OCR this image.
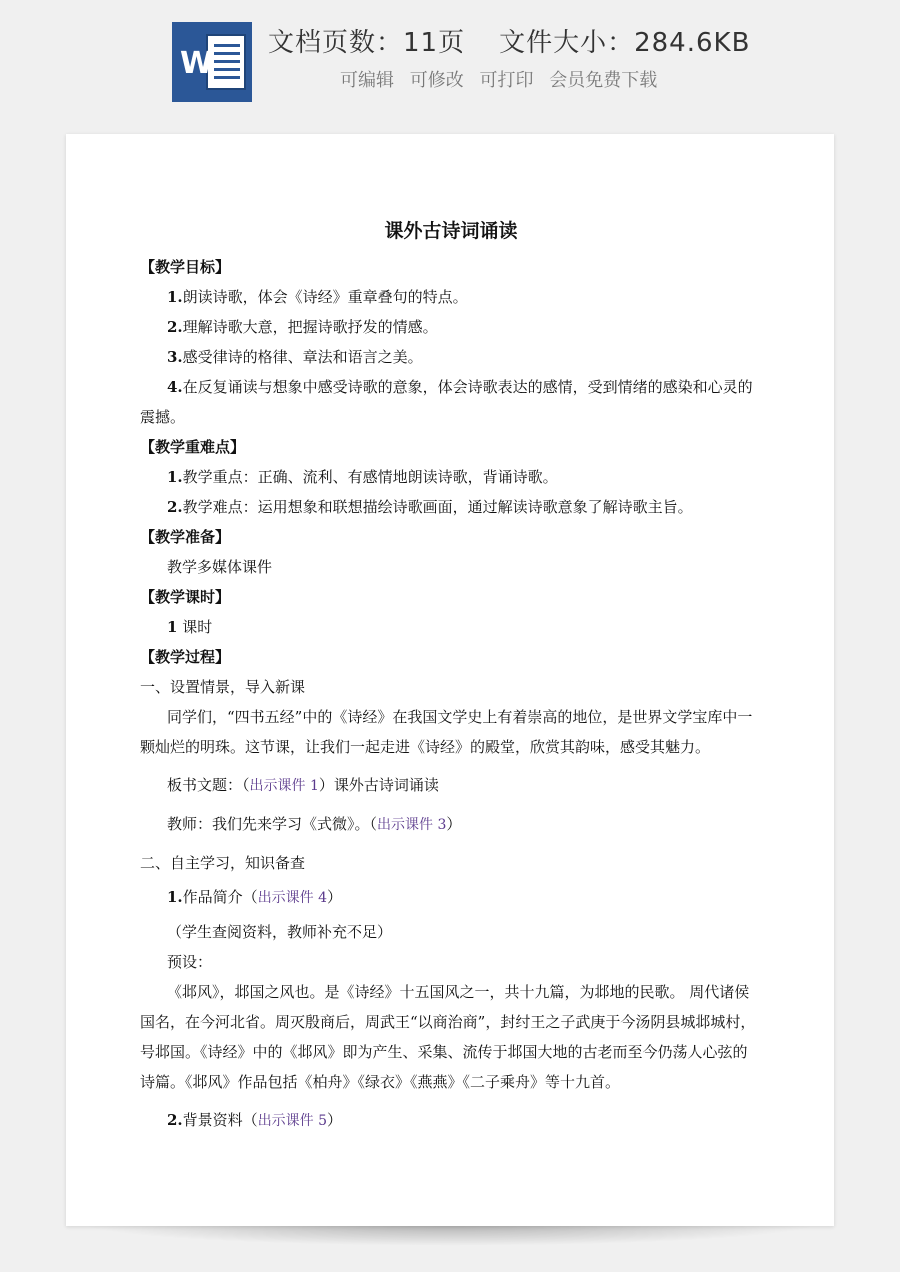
W
文档页数：11页 文件大小：284.6KB
可编辑 可修改 可打印 会员免费下载
课外古诗词诵读

【教学目标】

1.朗读诗歌，体会《诗经》重章叠句的特点。

2.理解诗歌大意，把握诗歌抒发的情感。

3.感受律诗的格律、章法和语言之美。

4.在反复诵读与想象中感受诗歌的意象，体会诗歌表达的感情，受到情绪的感染和心灵的震撼。

【教学重难点】

1.教学重点：正确、流利、有感情地朗读诗歌，背诵诗歌。

2.教学难点：运用想象和联想描绘诗歌画面，通过解读诗歌意象了解诗歌主旨。

【教学准备】

教学多媒体课件

【教学课时】

1 课时

【教学过程】

一、设置情景，导入新课

同学们，“四书五经”中的《诗经》在我国文学史上有着崇高的地位，是世界文学宝库中一颗灿烂的明珠。这节课，让我们一起走进《诗经》的殿堂，欣赏其韵味，感受其魅力。

板书文题：（出示课件 1）课外古诗词诵读

教师：我们先来学习《式微》。（出示课件 3）

二、自主学习，知识备查

1.作品简介（出示课件 4）

（学生查阅资料，教师补充不足）

预设：

《邶风》，邶国之风也。是《诗经》十五国风之一，共十九篇，为邶地的民歌。 周代诸侯国名，在今河北省。周灭殷商后，周武王“以商治商”，封纣王之子武庚于今汤阴县城邶城村，号邶国。《诗经》中的《邶风》即为产生、采集、流传于邶国大地的古老而至今仍荡人心弦的诗篇。《邶风》作品包括《柏舟》《绿衣》《燕燕》《二子乘舟》等十九首。

2.背景资料（出示课件 5）
